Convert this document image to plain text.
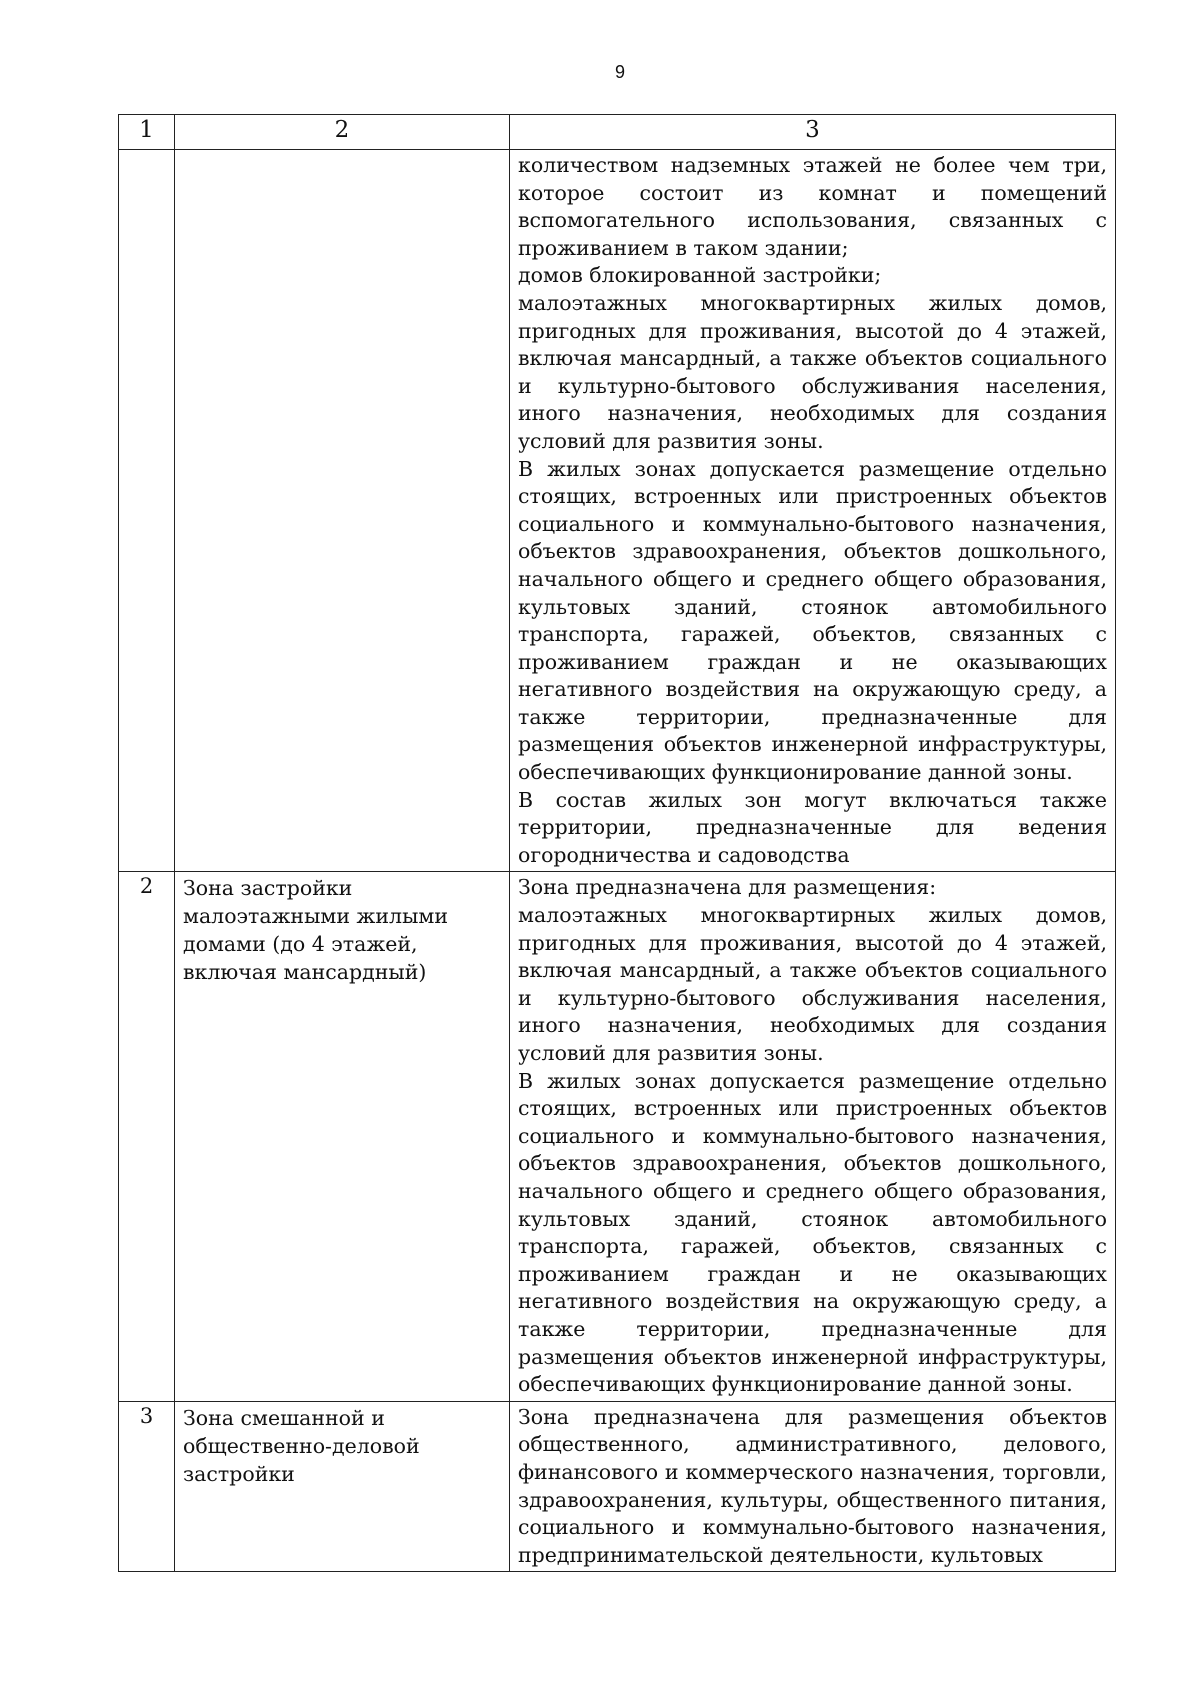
9
1	2	3

		количеством надземных этажей не более чем три, которое состоит из комнат и помещений вспомогательного использования, связанных с проживанием в таком здании;

домов блокированной застройки;

малоэтажных многоквартирных жилых домов, пригодных для проживания, высотой до 4 этажей, включая мансардный, а также объектов социального и культурно-бытового обслуживания населения, иного назначения, необходимых для создания условий для развития зоны.

В жилых зонах допускается размещение отдельно стоящих, встроенных или пристроенных объектов социального и коммунально-бытового назначения, объектов здравоохранения, объектов дошкольного, начального общего и среднего общего образования, культовых зданий, стоянок автомобильного транспорта, гаражей, объектов, связанных с проживанием граждан и не оказывающих негативного воздействия на окружающую среду, а также территории, предназначенные для размещения объектов инженерной инфраструктуры, обеспечивающих функционирование данной зоны.

В состав жилых зон могут включаться также территории, предназначенные для ведения огородничества и садоводства

2	Зона застройки малоэтажными жилыми домами (до 4 этажей, включая мансардный)	Зона предназначена для размещения:

малоэтажных многоквартирных жилых домов, пригодных для проживания, высотой до 4 этажей, включая мансардный, а также объектов социального и культурно-бытового обслуживания населения, иного назначения, необходимых для создания условий для развития зоны.

В жилых зонах допускается размещение отдельно стоящих, встроенных или пристроенных объектов социального и коммунально-бытового назначения, объектов здравоохранения, объектов дошкольного, начального общего и среднего общего образования, культовых зданий, стоянок автомобильного транспорта, гаражей, объектов, связанных с проживанием граждан и не оказывающих негативного воздействия на окружающую среду, а также территории, предназначенные для размещения объектов инженерной инфраструктуры, обеспечивающих функционирование данной зоны.

3	Зона смешанной и общественно-деловой застройки	Зона предназначена для размещения объектов общественного, административного, делового, финансового и коммерческого назначения, торговли, здравоохранения, культуры, общественного питания, социального и коммунально-бытового назначения, предпринимательской деятельности, культовых
